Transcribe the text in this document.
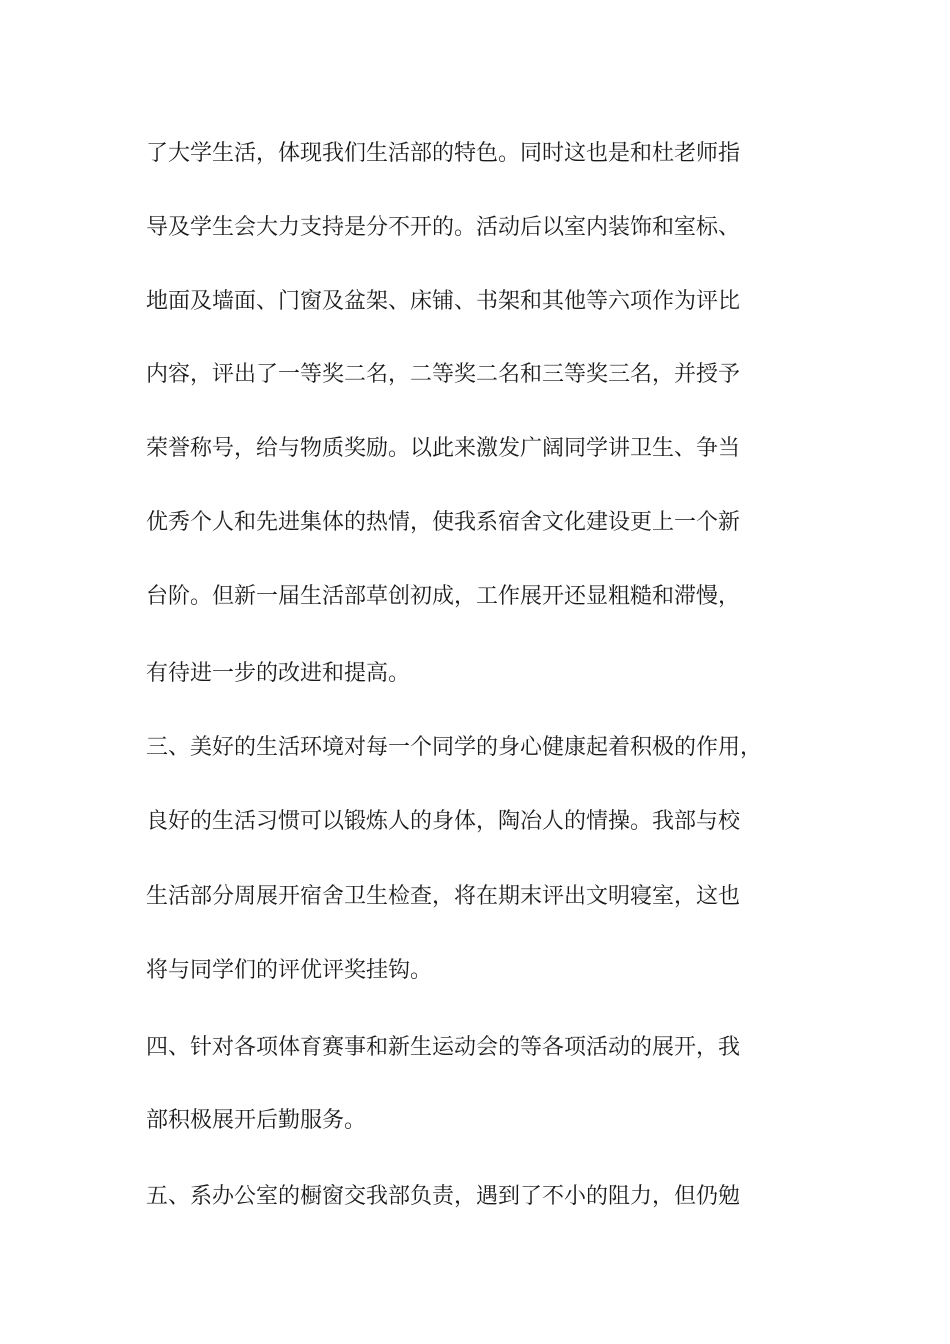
了大学生活，体现我们生活部的特色。同时这也是和杜老师指
导及学生会大力支持是分不开的。活动后以室内装饰和室标、
地面及墙面、门窗及盆架、床铺、书架和其他等六项作为评比
内容，评出了一等奖二名，二等奖二名和三等奖三名，并授予
荣誉称号，给与物质奖励。以此来激发广阔同学讲卫生、争当
优秀个人和先进集体的热情，使我系宿舍文化建设更上一个新
台阶。但新一届生活部草创初成，工作展开还显粗糙和滞慢，
有待进一步的改进和提高。
三、美好的生活环境对每一个同学的身心健康起着积极的作用，
良好的生活习惯可以锻炼人的身体，陶冶人的情操。我部与校
生活部分周展开宿舍卫生检查，将在期末评出文明寝室，这也
将与同学们的评优评奖挂钩。
四、针对各项体育赛事和新生运动会的等各项活动的展开，我
部积极展开后勤服务。
五、系办公室的橱窗交我部负责，遇到了不小的阻力，但仍勉
